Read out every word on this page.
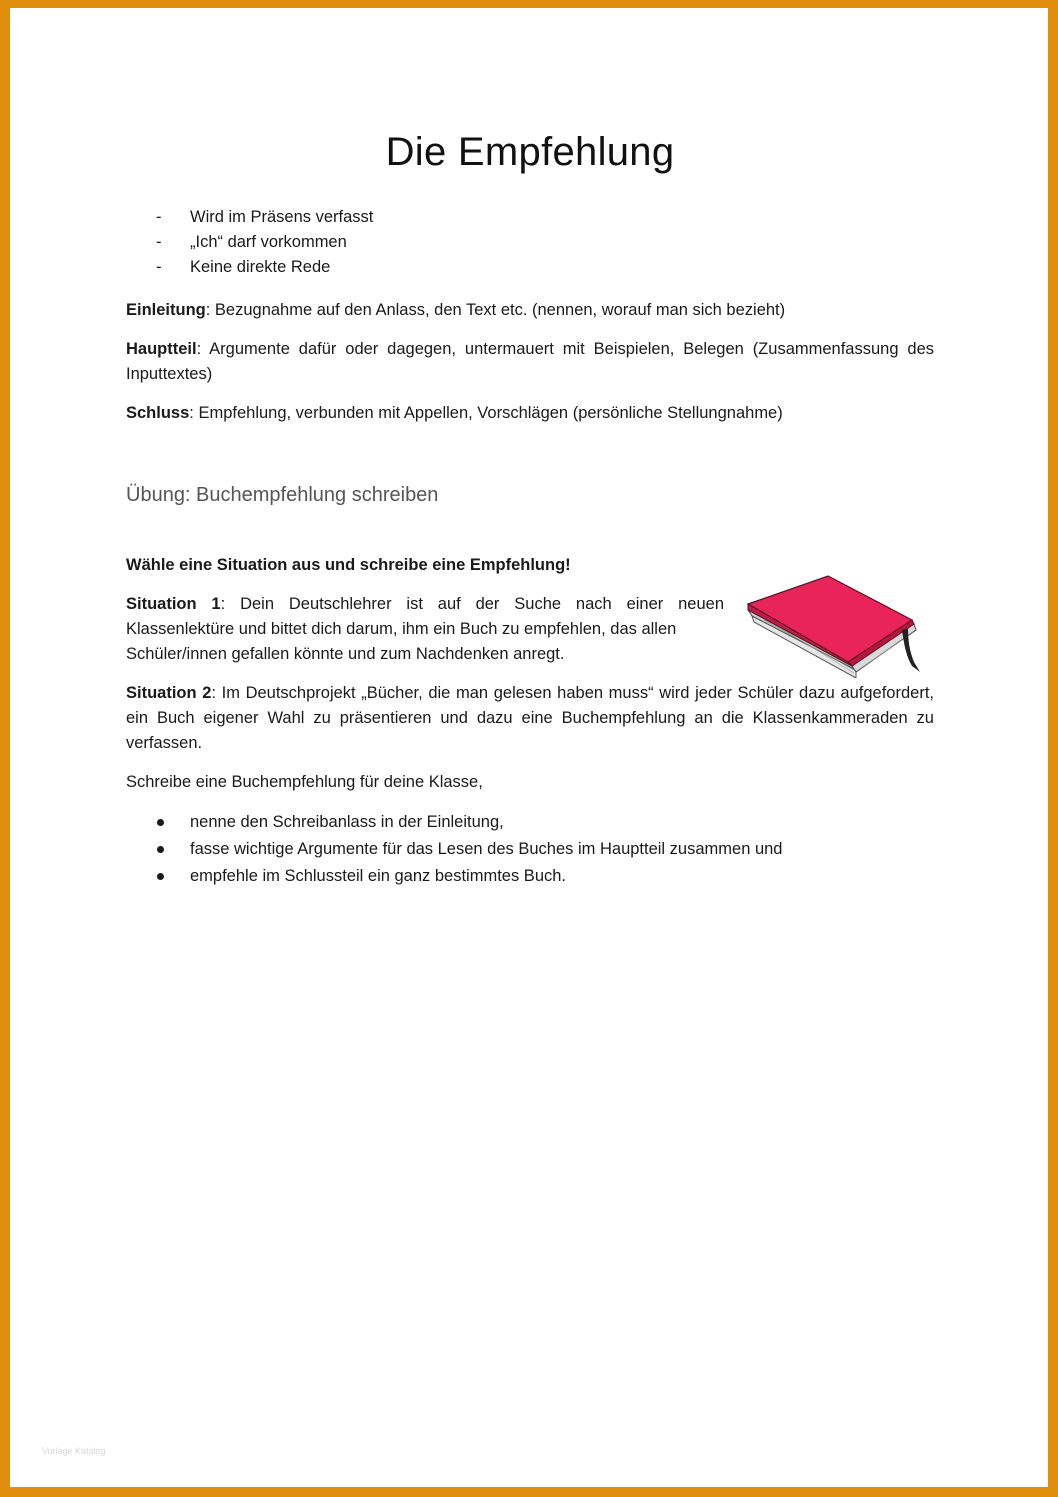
Die Empfehlung
- Wird im Präsens verfasst
- „Ich“ darf vorkommen
- Keine direkte Rede

Einleitung: Bezugnahme auf den Anlass, den Text etc. (nennen, worauf man sich bezieht)

Hauptteil: Argumente dafür oder dagegen, untermauert mit Beispielen, Belegen (Zusammenfassung des Inputtextes)

Schluss: Empfehlung, verbunden mit Appellen, Vorschlägen (persönliche Stellungnahme)

Übung: Buchempfehlung schreiben

Wähle eine Situation aus und schreibe eine Empfehlung!

Situation 1: Dein Deutschlehrer ist auf der Suche nach einer neuen Klassenlektüre und bittet dich darum, ihm ein Buch zu empfehlen, das allen
Schüler/innen gefallen könnte und zum Nachdenken anregt.

Situation 2: Im Deutschprojekt „Bücher, die man gelesen haben muss“ wird jeder Schüler dazu aufgefordert, ein Buch eigener Wahl zu präsentieren und dazu eine Buchempfehlung an die Klassenkammeraden zu verfassen.

Schreibe eine Buchempfehlung für deine Klasse,

nenne den Schreibanlass in der Einleitung,
fasse wichtige Argumente für das Lesen des Buches im Hauptteil zusammen und
empfehle im Schlussteil ein ganz bestimmtes Buch.
Vorlage Katalog
